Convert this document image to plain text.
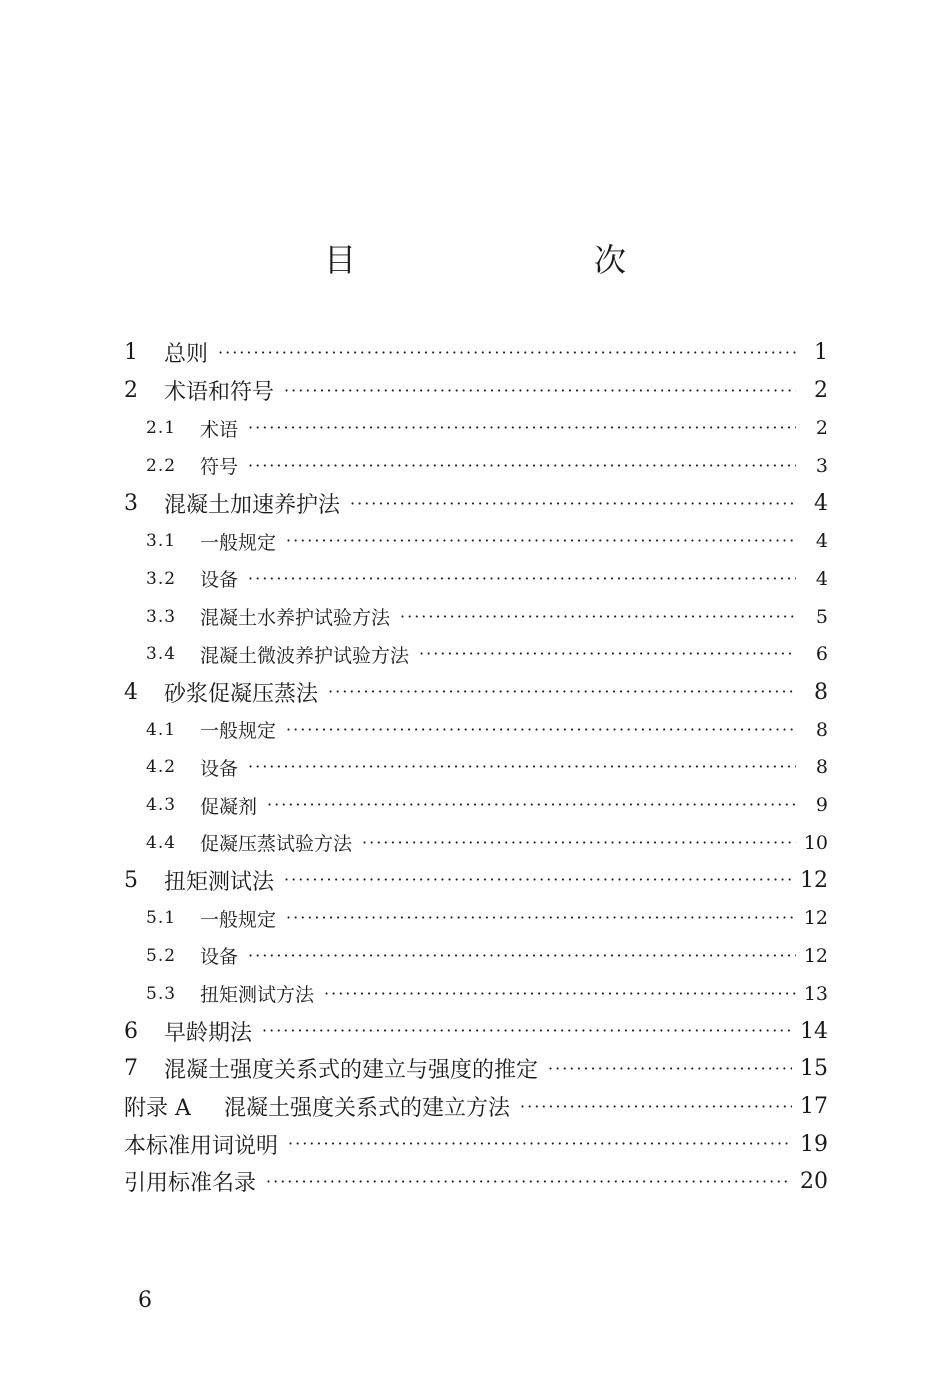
目　　次
1	总则 ·····	1
2	术语和符号 ·····	2
2.1	术语 ·····	2
2.2	符号 ·····	3
3	混凝土加速养护法 ·····	4
3.1	一般规定 ·····	4
3.2	设备 ·····	4
3.3	混凝土水养护试验方法 ·····	5
3.4	混凝土微波养护试验方法 ·····	6
4	砂浆促凝压蒸法 ·····	8
4.1	一般规定 ·····	8
4.2	设备 ·····	8
4.3	促凝剂 ·····	9
4.4	促凝压蒸试验方法 ·····	10
5	扭矩测试法 ·····	12
5.1	一般规定 ·····	12
5.2	设备 ·····	12
5.3	扭矩测试方法 ·····	13
6	早龄期法 ·····	14
7	混凝土强度关系式的建立与强度的推定 ·····	15
附录 A	混凝土强度关系式的建立方法 ·····	17
本标准用词说明 ·····	19
引用标准名录 ·····	20
6
